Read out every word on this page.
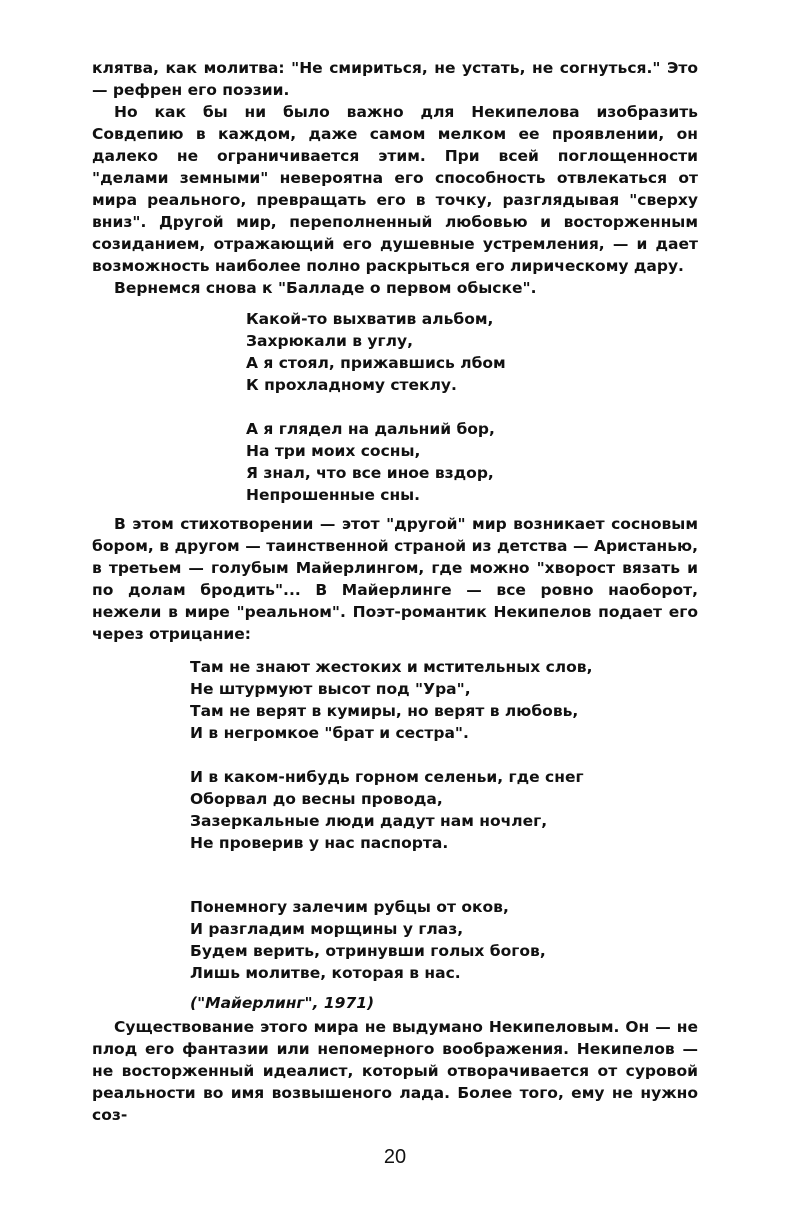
клятва, как молитва: "Не смириться, не устать, не согнуться." Это — рефрен его поэзии.

Но как бы ни было важно для Некипелова изобразить Совдепию в каждом, даже самом мелком ее проявлении, он далеко не ограничивается этим. При всей поглощенности "делами земными" невероятна его способность отвлекаться от мира реального, превращать его в точку, разглядывая "сверху вниз". Другой мир, переполненный любовью и восторженным созиданием, отражающий его душевные устремления, — и дает возможность наиболее полно раскрыться его лирическому дару.

Вернемся снова к "Балладе о первом обыске".

Какой-то выхватив альбом,
Захрюкали в углу,
А я стоял, прижавшись лбом
К прохладному стеклу.
А я глядел на дальний бор,
На три моих сосны,
Я знал, что все иное вздор,
Непрошенные сны.

В этом стихотворении — этот "другой" мир возникает сосновым бором, в другом — таинственной страной из детства — Аристанью, в третьем — голубым Майерлингом, где можно "хворост вязать и по долам бродить"... В Майерлинге — все ровно наоборот, нежели в мире "реальном". Поэт-романтик Некипелов подает его через отрицание:

Там не знают жестоких и мстительных слов,
Не штурмуют высот под "Ура",
Там не верят в кумиры, но верят в любовь,
И в негромкое "брат и сестра".
И в каком-нибудь горном селеньи, где снег
Оборвал до весны провода,
Зазеркальные люди дадут нам ночлег,
Не проверив у нас паспорта.
Понемногу залечим рубцы от оков,
И разгладим морщины у глаз,
Будем верить, отринувши голых богов,
Лишь молитве, которая в нас.
("Майерлинг", 1971)

Существование этого мира не выдумано Некипеловым. Он — не плод его фантазии или непомерного воображения. Некипелов — не восторженный идеалист, который отворачивается от суровой реальности во имя возвышеного лада. Более того, ему не нужно соз-

20
